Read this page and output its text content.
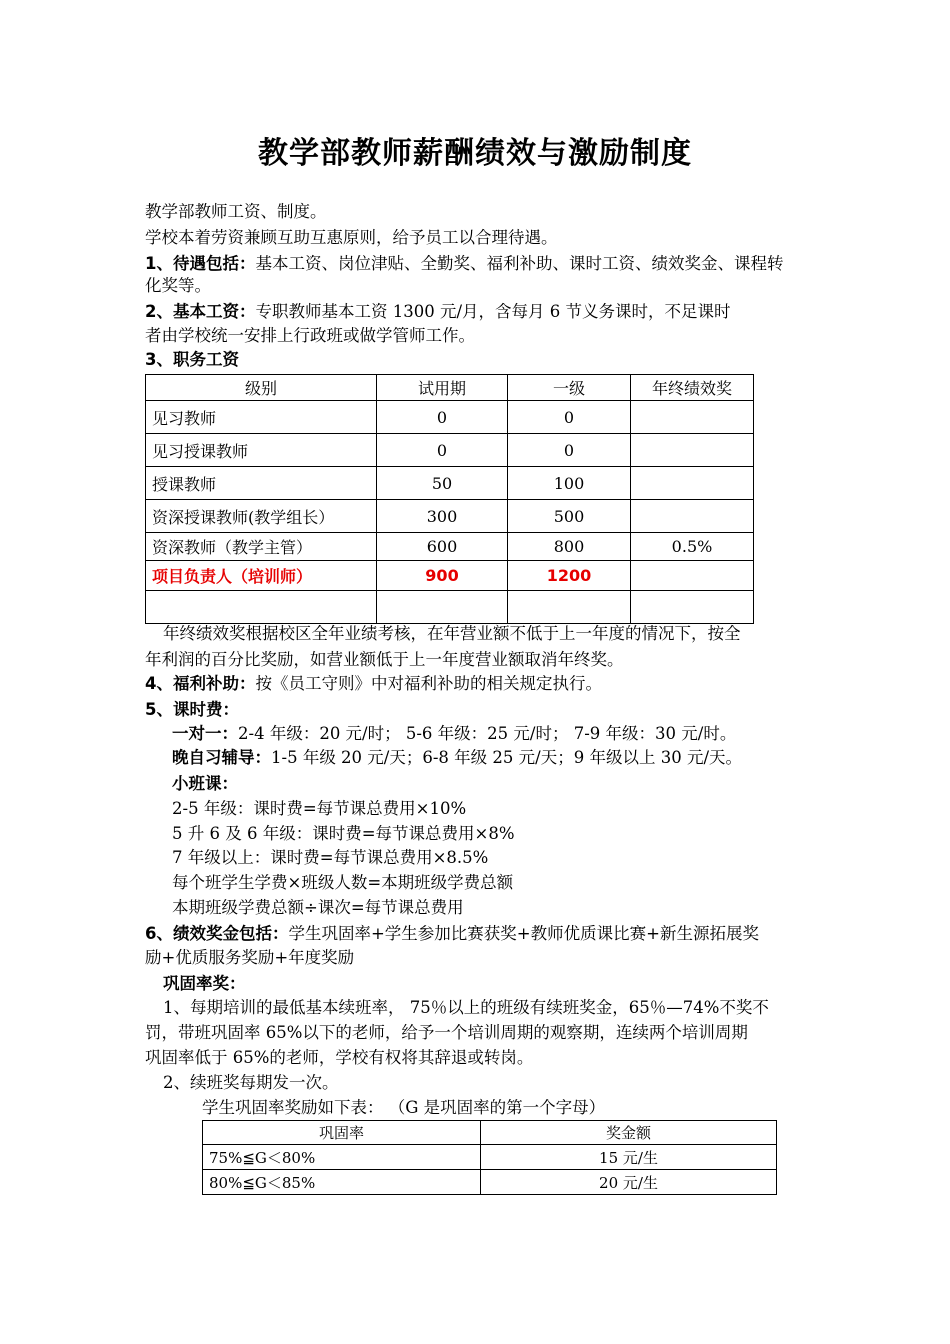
教学部教师薪酬绩效与激励制度
教学部教师工资、制度。
学校本着劳资兼顾互助互惠原则，给予员工以合理待遇。
1、待遇包括：基本工资、岗位津贴、全勤奖、福利补助、课时工资、绩效奖金、课程转
化奖等。
2、基本工资：专职教师基本工资 1300 元/月，含每月 6 节义务课时，不足课时
者由学校统一安排上行政班或做学管师工作。
3、职务工资
级别	试用期	一级	年终绩效奖
见习教师	0	0	
见习授课教师	0	0	
授课教师	50	100	
资深授课教师(教学组长）	300	500	
资深教师（教学主管）	600	800	0.5%
项目负责人（培训师）	900	1200	

年终绩效奖根据校区全年业绩考核，在年营业额不低于上一年度的情况下，按全
年利润的百分比奖励，如营业额低于上一年度营业额取消年终奖。
4、福利补助：按《员工守则》中对福利补助的相关规定执行。
5、课时费：
一对一：2-4 年级：20 元/时； 5-6 年级：25 元/时； 7-9 年级：30 元/时。
晚自习辅导：1-5 年级 20 元/天；6-8 年级 25 元/天；9 年级以上 30 元/天。
小班课：
2-5 年级：课时费=每节课总费用×10%
5 升 6 及 6 年级：课时费=每节课总费用×8%
7 年级以上：课时费=每节课总费用×8.5%
每个班学生学费×班级人数=本期班级学费总额
本期班级学费总额÷课次=每节课总费用
6、绩效奖金包括：学生巩固率+学生参加比赛获奖+教师优质课比赛+新生源拓展奖
励+优质服务奖励+年度奖励
巩固率奖：
1、每期培训的最低基本续班率， 75％以上的班级有续班奖金，65％—74%不奖不
罚，带班巩固率 65%以下的老师，给予一个培训周期的观察期，连续两个培训周期
巩固率低于 65%的老师，学校有权将其辞退或转岗。
2、续班奖每期发一次。
学生巩固率奖励如下表： （G 是巩固率的第一个字母）
巩固率	奖金额
75%≦G＜80%	15 元/生
80%≦G＜85%	20 元/生
